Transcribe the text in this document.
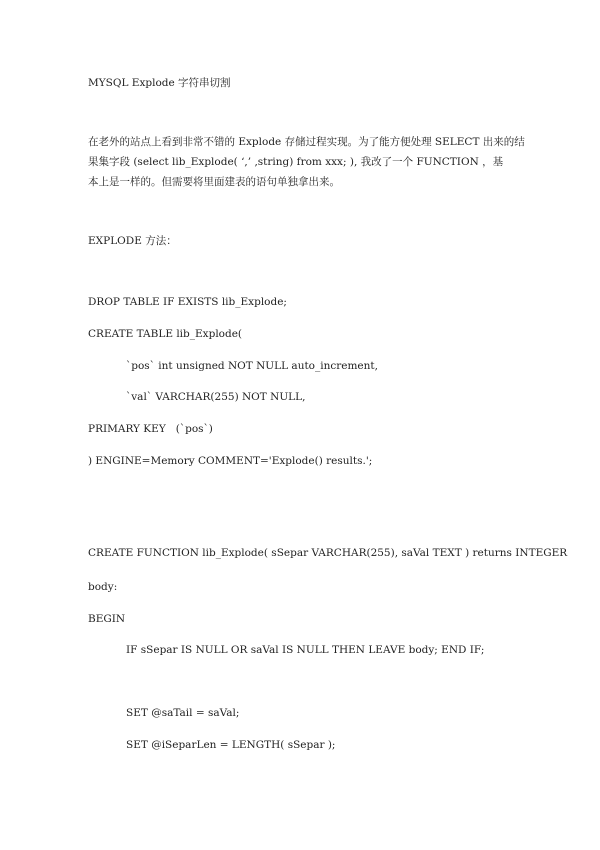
MYSQL Explode 字符串切割
在老外的站点上看到非常不错的 Explode 存储过程实现。为了能方便处理 SELECT 出来的结
果集字段 (select lib_Explode( ‘,’ ,string) from xxx; ), 我改了一个 FUNCTION ，基
本上是一样的。但需要将里面建表的语句单独拿出来。
EXPLODE 方法：
DROP TABLE IF EXISTS lib_Explode;
CREATE TABLE lib_Explode(
`pos` int unsigned NOT NULL auto_increment,
`val` VARCHAR(255) NOT NULL,
PRIMARY KEY   (`pos`)
) ENGINE=Memory COMMENT='Explode() results.';
CREATE FUNCTION lib_Explode( sSepar VARCHAR(255), saVal TEXT ) returns INTEGER
body:
BEGIN
IF sSepar IS NULL OR saVal IS NULL THEN LEAVE body; END IF;
SET @saTail = saVal;
SET @iSeparLen = LENGTH( sSepar );
